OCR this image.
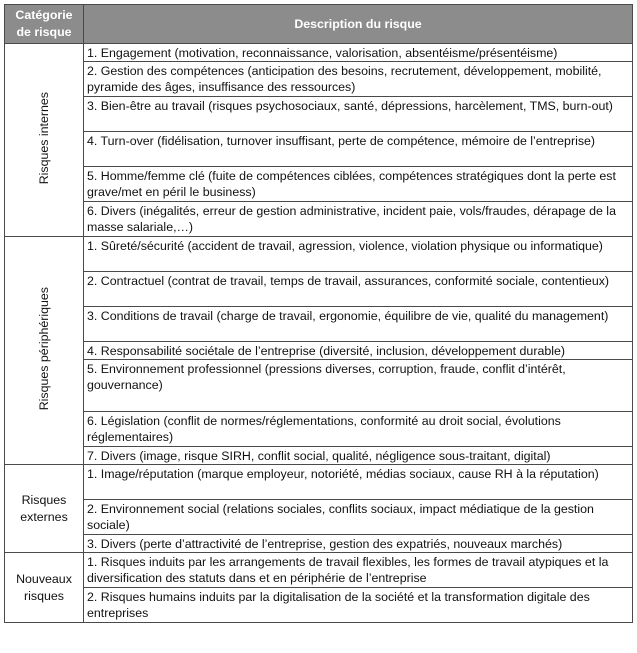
Catégorie
de risque	Description du risque
Risques internes	1. Engagement (motivation, reconnaissance, valorisation, absentéisme/présentéisme)
	2. Gestion des compétences (anticipation des besoins, recrutement, développement, mobilité, pyramide des âges, insuffisance des ressources)
	3. Bien-être au travail (risques psychosociaux, santé, dépressions, harcèlement, TMS, burn-out)
	4. Turn-over (fidélisation, turnover insuffisant, perte de compétence, mémoire de l’entreprise)
	5. Homme/femme clé (fuite de compétences ciblées, compétences stratégiques dont la perte est grave/met en péril le business)
	6. Divers (inégalités, erreur de gestion administrative, incident paie, vols/fraudes, dérapage de la masse salariale,…)
Risques périphériques	1. Sûreté/sécurité (accident de travail, agression, violence, violation physique ou informatique)
	2. Contractuel (contrat de travail, temps de travail, assurances, conformité sociale, contentieux)
	3. Conditions de travail (charge de travail, ergonomie, équilibre de vie, qualité du management)
	4. Responsabilité sociétale de l’entreprise (diversité, inclusion, développement durable)
	5. Environnement professionnel (pressions diverses, corruption, fraude, conflit d’intérêt, gouvernance)
	6. Législation (conflit de normes/réglementations, conformité au droit social, évolutions réglementaires)
	7. Divers (image, risque SIRH, conflit social, qualité, négligence sous-traitant, digital)

Risques
externes	1. Image/réputation (marque employeur, notoriété, médias sociaux, cause RH à la réputation)
	2. Environnement social (relations sociales, conflits sociaux, impact médiatique de la gestion sociale)
	3. Divers (perte d’attractivité de l’entreprise, gestion des expatriés, nouveaux marchés)

Nouveaux
risques	1. Risques induits par les arrangements de travail flexibles, les formes de travail atypiques et la diversification des statuts dans et en périphérie de l’entreprise
	2. Risques humains induits par la digitalisation de la société et la transformation digitale des entreprises
